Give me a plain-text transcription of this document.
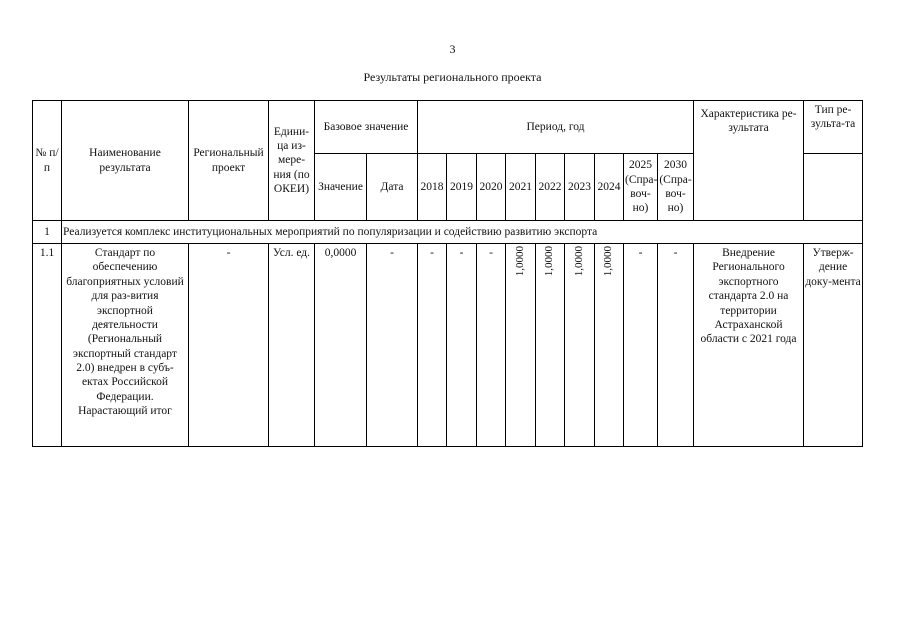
3
Результаты регионального проекта
№ п/п	Наименование результата	Региональный проект	Едини-ца из-мере-ния (по ОКЕИ)	Базовое значение		Период, год									Характеристика ре-зультата	Тип ре-зульта-та
				Значение	Дата	2018	2019	2020	2021	2022	2023	2024	2025 (Спра-воч-но)	2030 (Спра-воч-но)		
1	Реализуется комплекс институциональных мероприятий по популяризации и содействию развитию экспорта															
1.1	Стандарт по обеспечению благоприятных условий для раз-вития экспортной деятельности (Региональный экспортный стандарт 2.0) внедрен в субъ-ектах Российской Федерации. Нарастающий итог	-	Усл. ед.	0,0000	-	-	-	-	1,0000	1,0000	1,0000	1,0000	-	-	Внедрение Регионального экспортного стандарта 2.0 на территории Астраханской области с 2021 года	Утверж-дение доку-мента
